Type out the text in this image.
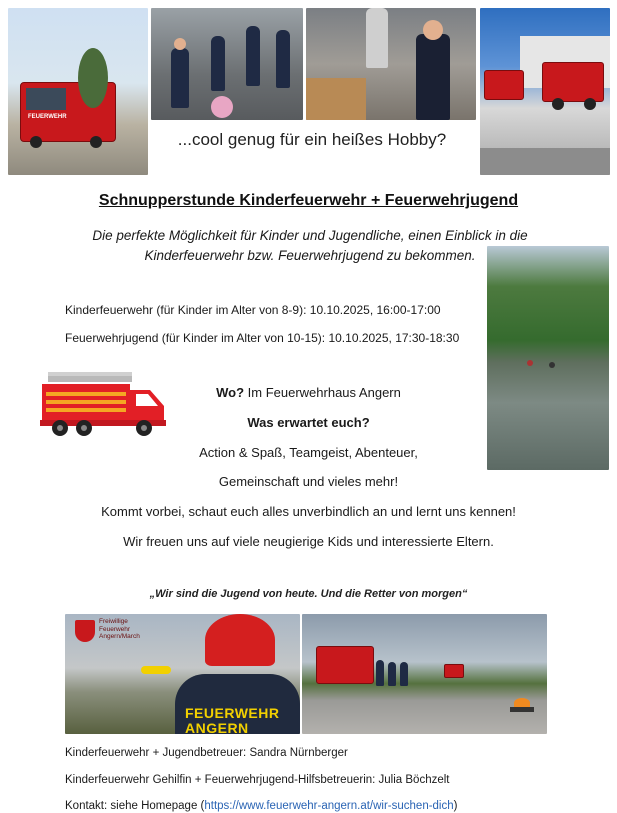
FEUERWEHR
...cool genug für ein heißes Hobby?
Schnupperstunde Kinderfeuerwehr + Feuerwehrjugend
Die perfekte Möglichkeit für Kinder und Jugendliche, einen Einblick in die Kinderfeuerwehr bzw. Feuerwehrjugend zu bekommen.
Kinderfeuerwehr (für Kinder im Alter von 8-9): 10.10.2025, 16:00-17:00
Feuerwehrjugend (für Kinder im Alter von 10-15): 10.10.2025, 17:30-18:30
Wo? Im Feuerwehrhaus Angern
Was erwartet euch?
Action & Spaß, Teamgeist, Abenteuer,
Gemeinschaft und vieles mehr!
Kommt vorbei, schaut euch alles unverbindlich an und lernt uns kennen!
Wir freuen uns auf viele neugierige Kids und interessierte Eltern.
„Wir sind die Jugend von heute. Und die Retter von morgen“
Freiwillige
Feuerwehr
Angern/March
FEUERWEHR
ANGERN
Kinderfeuerwehr + Jugendbetreuer: Sandra Nürnberger
Kinderfeuerwehr Gehilfin + Feuerwehrjugend-Hilfsbetreuerin: Julia Böchzelt
Kontakt: siehe Homepage (https://www.feuerwehr-angern.at/wir-suchen-dich)
